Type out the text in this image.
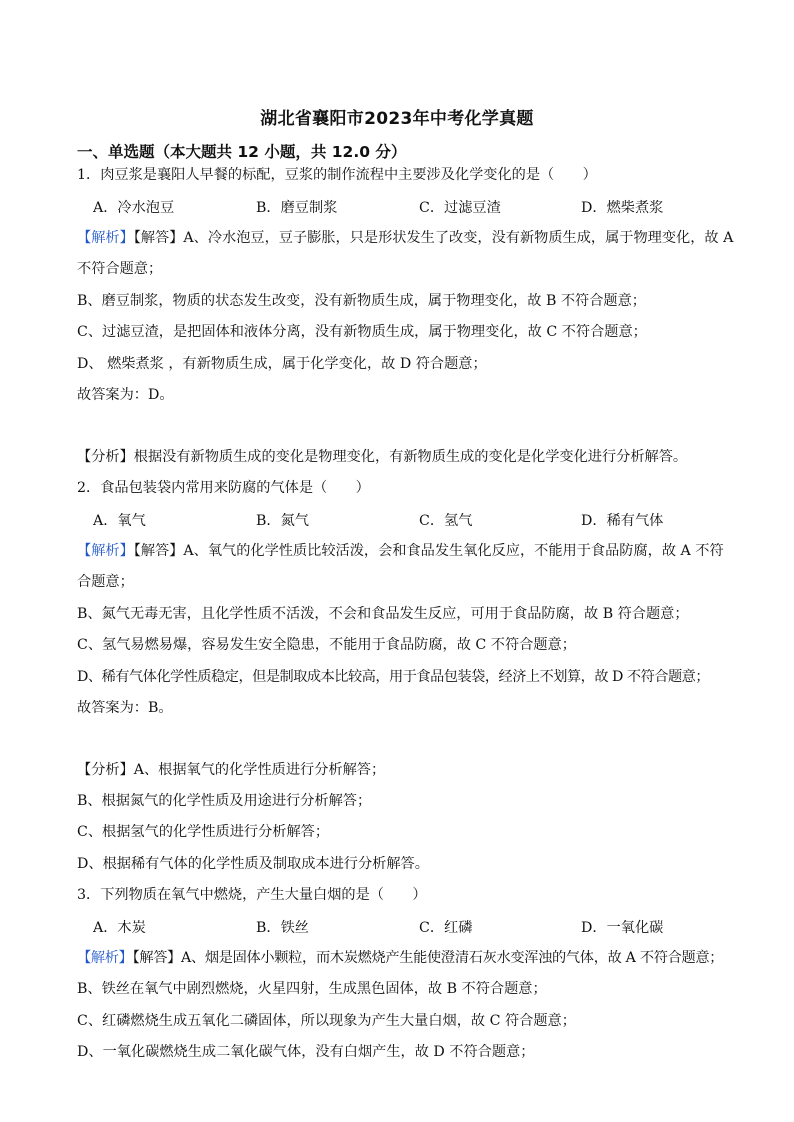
湖北省襄阳市2023年中考化学真题
一、单选题（本大题共 12 小题，共 12.0 分）
1．肉豆浆是襄阳人早餐的标配，豆浆的制作流程中主要涉及化学变化的是（　　）
A．冷水泡豆	B．磨豆制浆	C．过滤豆渣	D．燃柴煮浆
【解析】【解答】A、冷水泡豆，豆子膨胀，只是形状发生了改变，没有新物质生成，属于物理变化，故 A
不符合题意；
B、磨豆制浆，物质的状态发生改变，没有新物质生成，属于物理变化，故 B 不符合题意；
C、过滤豆渣，是把固体和液体分离，没有新物质生成，属于物理变化，故 C 不符合题意；
D、 燃柴煮浆 ，有新物质生成，属于化学变化，故 D 符合题意；
故答案为：D。
【分析】根据没有新物质生成的变化是物理变化，有新物质生成的变化是化学变化进行分析解答。
2．食品包装袋内常用来防腐的气体是（　　）
A．氧气	B．氮气	C．氢气	D．稀有气体
【解析】【解答】A、氧气的化学性质比较活泼，会和食品发生氧化反应，不能用于食品防腐，故 A 不符
合题意；
B、氮气无毒无害，且化学性质不活泼，不会和食品发生反应，可用于食品防腐，故 B 符合题意；
C、氢气易燃易爆，容易发生安全隐患，不能用于食品防腐，故 C 不符合题意；
D、稀有气体化学性质稳定，但是制取成本比较高，用于食品包装袋，经济上不划算，故 D 不符合题意；
故答案为：B。
【分析】A、根据氧气的化学性质进行分析解答；
B、根据氮气的化学性质及用途进行分析解答；
C、根据氢气的化学性质进行分析解答；
D、根据稀有气体的化学性质及制取成本进行分析解答。
3．下列物质在氧气中燃烧，产生大量白烟的是（　　）
A．木炭	B．铁丝	C．红磷	D．一氧化碳
【解析】【解答】A、烟是固体小颗粒，而木炭燃烧产生能使澄清石灰水变浑浊的气体，故 A 不符合题意；
B、铁丝在氧气中剧烈燃烧，火星四射，生成黑色固体，故 B 不符合题意；
C、红磷燃烧生成五氧化二磷固体，所以现象为产生大量白烟，故 C 符合题意；
D、一氧化碳燃烧生成二氧化碳气体，没有白烟产生，故 D 不符合题意；
